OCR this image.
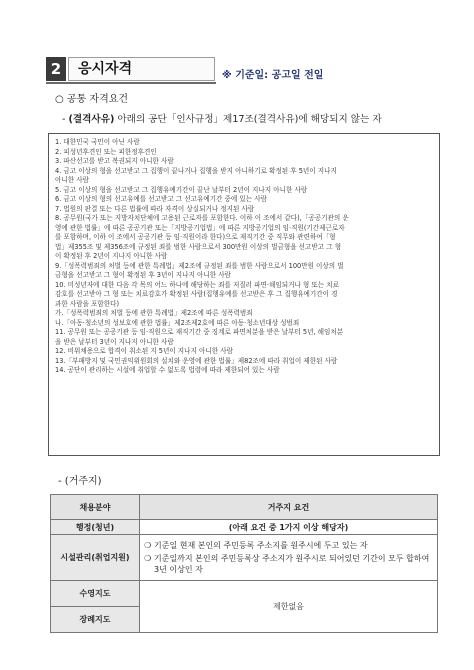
2	응시자격	※ 기준일: 공고일 전일
○ 공통 자격요건
- (결격사유) 아래의 공단「인사규정」제17조(결격사유)에 해당되지 않는 자
1. 대한민국 국민이 아닌 사람
2. 피성년후견인 또는 피한정후견인
3. 파산선고를 받고 복권되지 아니한 사람
4. 금고 이상의 형을 선고받고 그 집행이 끝나거나 집행을 받지 아니하기로 확정된 후 5년이 지나지
아니한 사람
5. 금고 이상의 형을 선고받고 그 집행유예기간이 끝난 날부터 2년이 지나지 아니한 사람
6. 금고 이상의 형의 선고유예를 선고받고 그 선고유예기간 중에 있는 사람
7. 법원의 판결 또는 다른 법률에 따라 자격이 상실되거나 정지된 사람
8. 공무원(국가 또는 지방자치단체에 고용된 근로자를 포함한다. 이하 이 조에서 같다),「공공기관의 운
영에 관한 법률」에 따른 공공기관 또는「지방공기업법」에 따른 지방공기업의 임·직원(기간제근로자
를 포함하며, 이하 이 조에서 공공기관 등 임·직원이라 한다)으로 재직기간 중 직무와 관련하여「형
법」제355조 및 제356조에 규정된 죄를 범한 사람으로서 300만원 이상의 벌금형을 선고받고 그 형
이 확정된 후 2년이 지나지 아니한 사람
9.「성폭력범죄의 처벌 등에 관한 특례법」제2조에 규정된 죄를 범한 사람으로서 100만원 이상의 벌
금형을 선고받고 그 형이 확정된 후 3년이 지나지 아니한 사람
10. 미성년자에 대한 다음 각 목의 어느 하나에 해당하는 죄를 저질러 파면·해임되거나 형 또는 치료
감호를 선고받아 그 형 또는 치료감호가 확정된 사람(집행유예를 선고받은 후 그 집행유예기간이 경
과한 사람을 포함한다)
가.「성폭력범죄의 처벌 등에 관한 특례법」제2조에 따른 성폭력범죄
나.「아동·청소년의 성보호에 관한 법률」제2조제2호에 따른 아동·청소년대상 성범죄
11. 공무원 또는 공공기관 등 임·직원으로 재직기간 중 징계로 파면처분을 받은 날부터 5년, 해임처분
을 받은 날부터 3년이 지나지 아니한 사람
12. 비위채용으로 합격이 취소된 지 5년이 지나지 아니한 사람
13.「부패방지 및 국민권익위원회의 설치와 운영에 관한 법률」제82조에 따라 취업이 제한된 사람
14. 공단이 관리하는 시설에 취업할 수 없도록 법령에 따라 제한되어 있는 사람
- (거주지)
채용분야	거주지 요건
행정(청년)	(아래 요건 중 1가지 이상 해당자)
시설관리(취업지원)	❍ 기준일 현재 본인의 주민등록 주소지를 원주시에 두고 있는 자
❍ 기준일까지 본인의 주민등록상 주소지가 원주시로 되어있던 기간이 모두 합하여 3년 이상인 자

수영지도	제한없음
장례지도	
